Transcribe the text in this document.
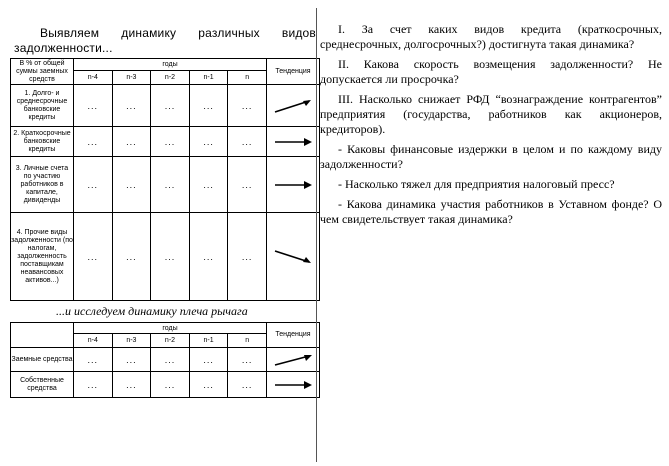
Выявляем динамику различных видов задолженности...

В % от общей суммы заемных средств	годы					Тенденция
	n-4	n-3	n-2	n-1	n	
1. Долго- и среднесрочные банковские кредиты	...	...	...	...	...	

2. Краткосрочные банковские кредиты	...	...	...	...	...	

3. Личные счета по участию работников в капитале, дивиденды	...	...	...	...	...	

4. Прочие виды задолженности (по налогам, задолженность поставщикам неавансовых активов...)	...	...	...	...	...	
...и исследуем динамику плеча рычага
	годы					Тенденция
	n-4	n-3	n-2	n-1	n	
Заемные средства	...	...	...	...	...	

Собственные средства	...	...	...	...	...	

I. За счет каких видов кредита (краткосрочных, среднесрочных, долгосрочных?) достигнута такая динамика?

II. Какова скорость возмещения задолженности? Не допускается ли просрочка?

III. Насколько снижает РФД “вознаграждение контрагентов” предприятия (государства, работников как акционеров, кредиторов).

- Каковы финансовые издержки в целом и по каждому виду задолженности?

- Насколько тяжел для предприятия налоговый пресс?

- Какова динамика участия работников в Уставном фонде? О чем свидетельствует такая динамика?
